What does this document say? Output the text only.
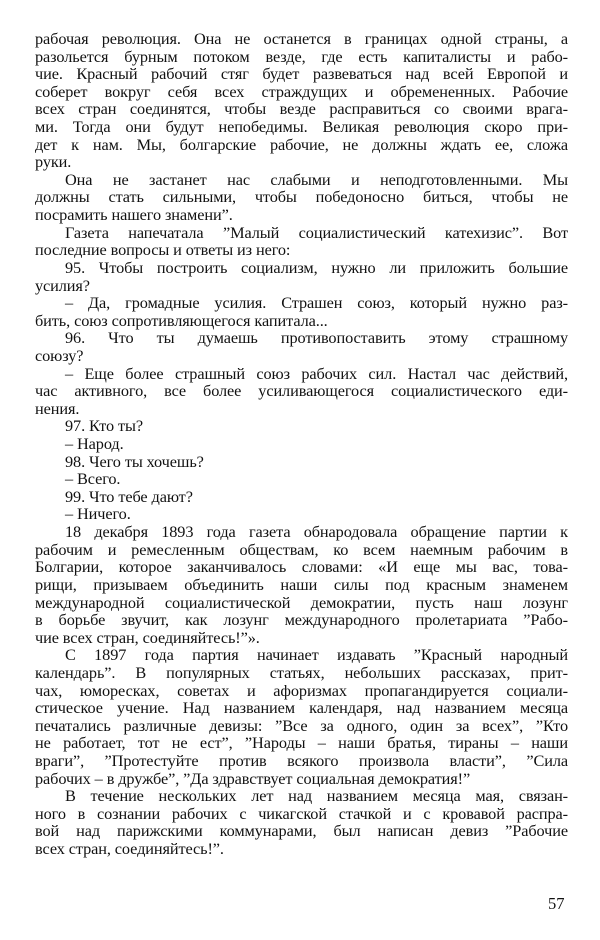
рабочая революция. Она не останется в границах одной страны, а
разольется бурным потоком везде, где есть капиталисты и рабо-
чие. Красный рабочий стяг будет развеваться над всей Европой и
соберет вокруг себя всех страждущих и обремененных. Рабочие
всех стран соединятся, чтобы везде расправиться со своими врага-
ми. Тогда они будут непобедимы. Великая революция скоро при-
дет к нам. Мы, болгарские рабочие, не должны ждать ее, сложа
руки.
Она не застанет нас слабыми и неподготовленными. Мы
должны стать сильными, чтобы победоносно биться, чтобы не
посрамить нашего знамени”.
Газета напечатала ”Малый социалистический катехизис”. Вот
последние вопросы и ответы из него:
95. Чтобы построить социализм, нужно ли приложить большие
усилия?
– Да, громадные усилия. Страшен союз, который нужно раз-
бить, союз сопротивляющегося капитала...
96. Что ты думаешь противопоставить этому страшному
союзу?
– Еще более страшный союз рабочих сил. Настал час действий,
час активного, все более усиливающегося социалистического еди-
нения.
97. Кто ты?
– Народ.
98. Чего ты хочешь?
– Всего.
99. Что тебе дают?
– Ничего.
18 декабря 1893 года газета обнародовала обращение партии к
рабочим и ремесленным обществам, ко всем наемным рабочим в
Болгарии, которое заканчивалось словами: «И еще мы вас, това-
рищи, призываем объединить наши силы под красным знаменем
международной социалистической демократии, пусть наш лозунг
в борьбе звучит, как лозунг международного пролетариата ”Рабо-
чие всех стран, соединяйтесь!”».
С 1897 года партия начинает издавать ”Красный народный
календарь”. В популярных статьях, небольших рассказах, прит-
чах, юморесках, советах и афоризмах пропагандируется социали-
стическое учение. Над названием календаря, над названием месяца
печатались различные девизы: ”Все за одного, один за всех”, ”Кто
не работает, тот не ест”, ”Народы – наши братья, тираны – наши
враги”, ”Протестуйте против всякого произвола власти”, ”Сила
рабочих – в дружбе”, ”Да здравствует социальная демократия!”
В течение нескольких лет над названием месяца мая, связан-
ного в сознании рабочих с чикагской стачкой и с кровавой распра-
вой над парижскими коммунарами, был написан девиз ”Рабочие
всех стран, соединяйтесь!”.
57
